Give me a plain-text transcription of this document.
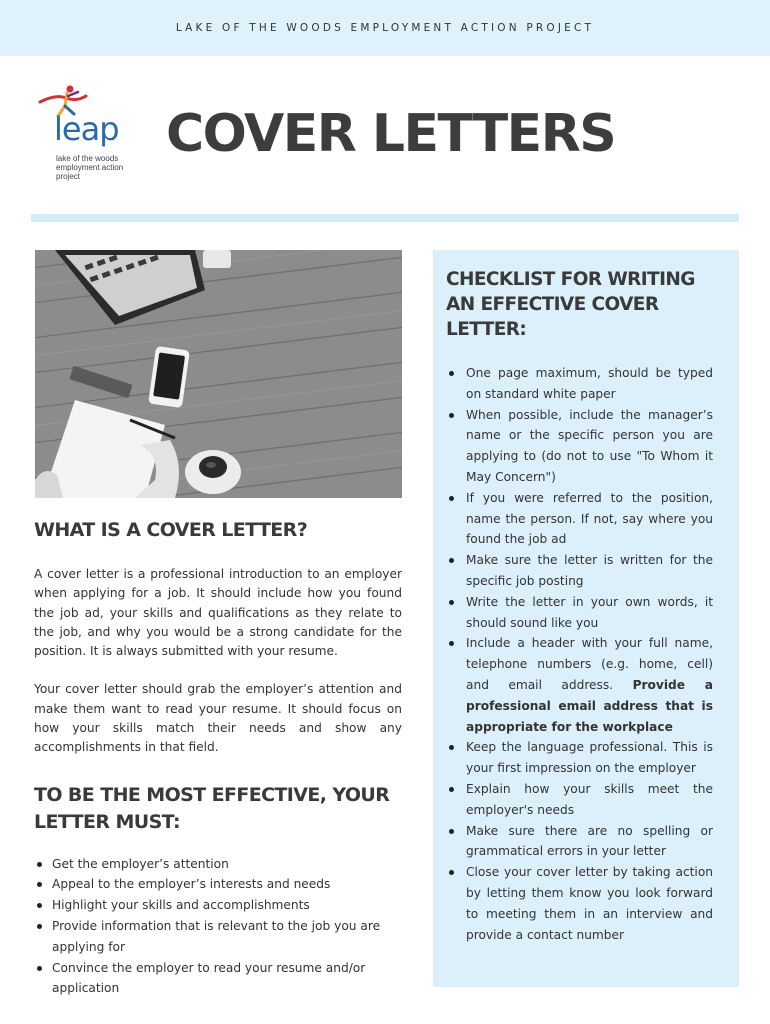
LAKE OF THE WOODS EMPLOYMENT ACTION PROJECT
leap
lake of the woods employment action project
COVER LETTERS
WHAT IS A COVER LETTER?

A cover letter is a professional introduction to an employer when applying for a job. It should include how you found the job ad, your skills and qualifications as they relate to the job, and why you would be a strong candidate for the position. It is always submitted with your resume.

Your cover letter should grab the employer’s attention and make them want to read your resume. It should focus on how your skills match their needs and show any accomplishments in that field.

TO BE THE MOST EFFECTIVE, YOUR LETTER MUST:
Get the employer’s attention
Appeal to the employer’s interests and needs
Highlight your skills and accomplishments
Provide information that is relevant to the job you are applying for
Convince the employer to read your resume and/or application
CHECKLIST FOR WRITING AN EFFECTIVE COVER LETTER:
One page maximum, should be typed on standard white paper
When possible, include the manager’s name or the specific person you are applying to (do not to use "To Whom it May Concern")
If you were referred to the position, name the person. If not, say where you found the job ad
Make sure the letter is written for the specific job posting
Write the letter in your own words, it should sound like you
Include a header with your full name, telephone numbers (e.g. home, cell) and email address. Provide a professional email address that is appropriate for the workplace
Keep the language professional. This is your first impression on the employer
Explain how your skills meet the employer's needs
Make sure there are no spelling or grammatical errors in your letter
Close your cover letter by taking action by letting them know you look forward to meeting them in an interview and provide a contact number
